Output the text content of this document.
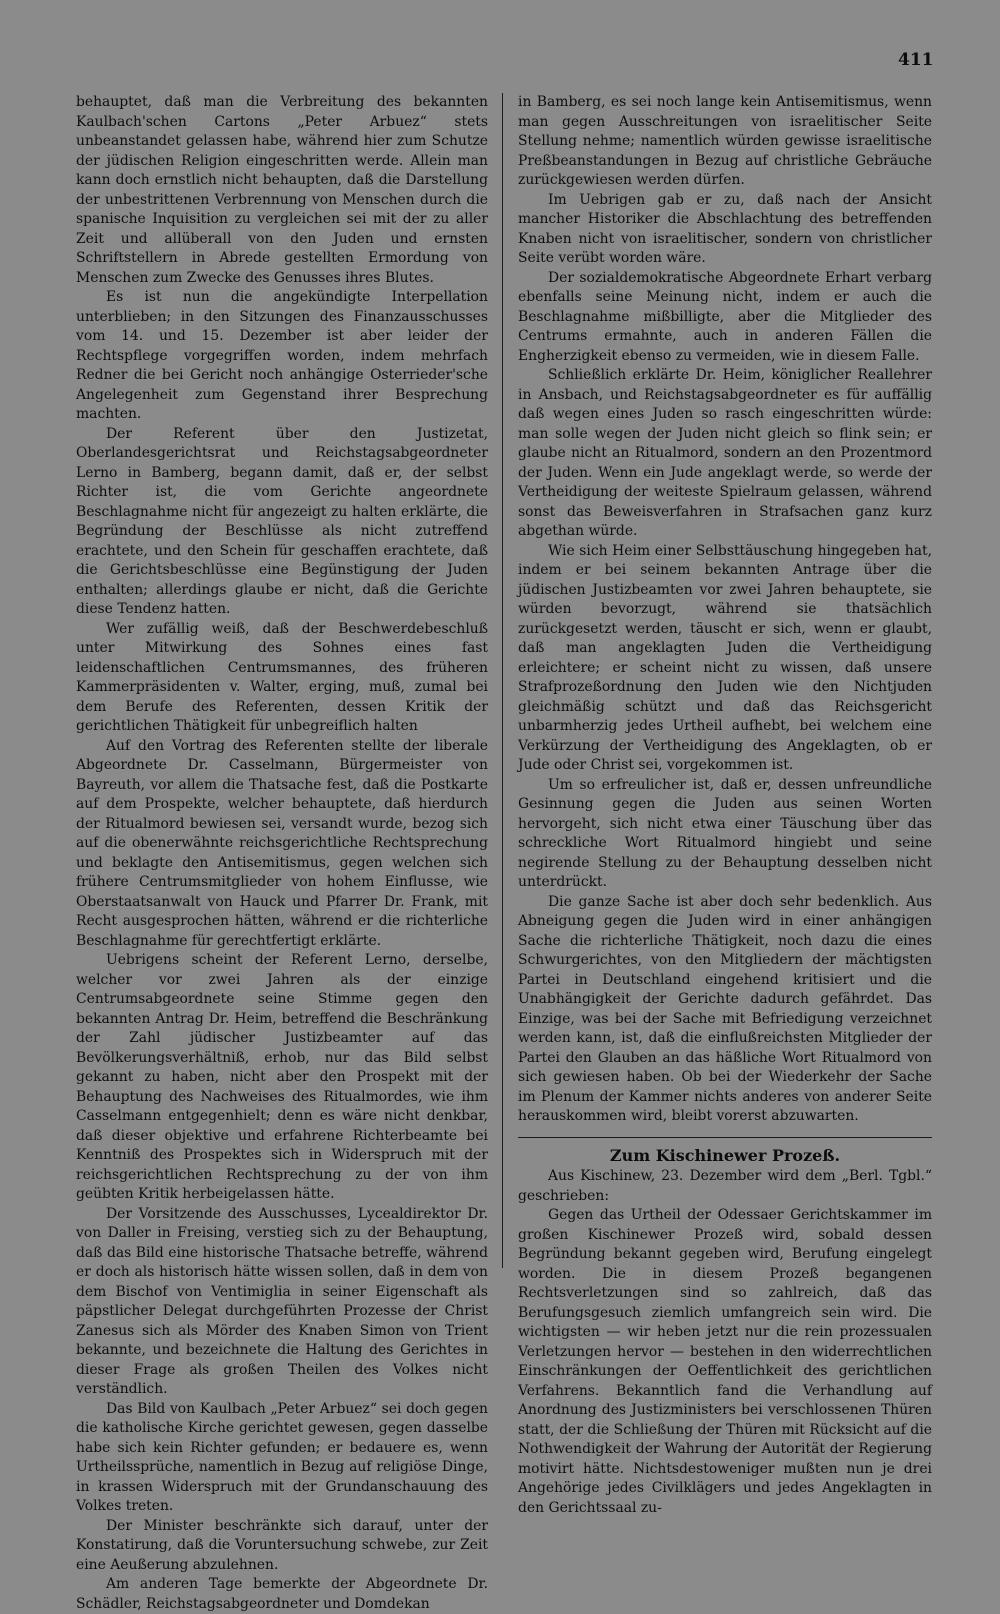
411

behauptet, daß man die Verbreitung des bekannten Kaulbach'schen Cartons „Peter Arbuez“ stets unbeanstandet gelassen habe, während hier zum Schutze der jüdischen Religion eingeschritten werde. Allein man kann doch ernstlich nicht behaupten, daß die Darstellung der unbestrittenen Verbrennung von Menschen durch die spanische Inquisition zu vergleichen sei mit der zu aller Zeit und allüberall von den Juden und ernsten Schriftstellern in Abrede gestellten Ermordung von Menschen zum Zwecke des Genusses ihres Blutes.

Es ist nun die angekündigte Interpellation unterblieben; in den Sitzungen des Finanzausschusses vom 14. und 15. Dezember ist aber leider der Rechtspflege vorgegriffen worden, indem mehrfach Redner die bei Gericht noch anhängige Osterrieder'sche Angelegenheit zum Gegenstand ihrer Besprechung machten.

Der Referent über den Justizetat, Oberlandesgerichtsrat und Reichstagsabgeordneter Lerno in Bamberg, begann damit, daß er, der selbst Richter ist, die vom Gerichte angeordnete Beschlagnahme nicht für angezeigt zu halten erklärte, die Begründung der Beschlüsse als nicht zutreffend erachtete, und den Schein für geschaffen erachtete, daß die Gerichtsbeschlüsse eine Begünstigung der Juden enthalten; allerdings glaube er nicht, daß die Gerichte diese Tendenz hatten.

Wer zufällig weiß, daß der Beschwerdebeschluß unter Mitwirkung des Sohnes eines fast leidenschaftlichen Centrumsmannes, des früheren Kammerpräsidenten v. Walter, erging, muß, zumal bei dem Berufe des Referenten, dessen Kritik der gerichtlichen Thätigkeit für unbegreiflich halten

Auf den Vortrag des Referenten stellte der liberale Abgeordnete Dr. Casselmann, Bürgermeister von Bayreuth, vor allem die Thatsache fest, daß die Postkarte auf dem Prospekte, welcher behauptete, daß hierdurch der Ritualmord bewiesen sei, versandt wurde, bezog sich auf die obenerwähnte reichsgerichtliche Rechtsprechung und beklagte den Antisemitismus, gegen welchen sich frühere Centrumsmitglieder von hohem Einflusse, wie Oberstaatsanwalt von Hauck und Pfarrer Dr. Frank, mit Recht ausgesprochen hätten, während er die richterliche Beschlagnahme für gerechtfertigt erklärte.

Uebrigens scheint der Referent Lerno, derselbe, welcher vor zwei Jahren als der einzige Centrumsabgeordnete seine Stimme gegen den bekannten Antrag Dr. Heim, betreffend die Beschränkung der Zahl jüdischer Justizbeamter auf das Bevölkerungsverhältniß, erhob, nur das Bild selbst gekannt zu haben, nicht aber den Prospekt mit der Behauptung des Nachweises des Ritualmordes, wie ihm Casselmann entgegenhielt; denn es wäre nicht denkbar, daß dieser objektive und erfahrene Richterbeamte bei Kenntniß des Prospektes sich in Widerspruch mit der reichsgerichtlichen Rechtsprechung zu der von ihm geübten Kritik herbeigelassen hätte.

Der Vorsitzende des Ausschusses, Lycealdirektor Dr. von Daller in Freising, verstieg sich zu der Behauptung, daß das Bild eine historische Thatsache betreffe, während er doch als historisch hätte wissen sollen, daß in dem von dem Bischof von Ventimiglia in seiner Eigenschaft als päpstlicher Delegat durchgeführten Prozesse der Christ Zanesus sich als Mörder des Knaben Simon von Trient bekannte, und bezeichnete die Haltung des Gerichtes in dieser Frage als großen Theilen des Volkes nicht verständlich.

Das Bild von Kaulbach „Peter Arbuez“ sei doch gegen die katholische Kirche gerichtet gewesen, gegen dasselbe habe sich kein Richter gefunden; er bedauere es, wenn Urtheilssprüche, namentlich in Bezug auf religiöse Dinge, in krassen Widerspruch mit der Grundanschauung des Volkes treten.

Der Minister beschränkte sich darauf, unter der Konstatirung, daß die Voruntersuchung schwebe, zur Zeit eine Aeußerung abzulehnen.

Am anderen Tage bemerkte der Abgeordnete Dr. Schädler, Reichstagsabgeordneter und Domdekan

in Bamberg, es sei noch lange kein Antisemitismus, wenn man gegen Ausschreitungen von israelitischer Seite Stellung nehme; namentlich würden gewisse israelitische Preßbeanstandungen in Bezug auf christliche Gebräuche zurückgewiesen werden dürfen.

Im Uebrigen gab er zu, daß nach der Ansicht mancher Historiker die Abschlachtung des betreffenden Knaben nicht von israelitischer, sondern von christlicher Seite verübt worden wäre.

Der sozialdemokratische Abgeordnete Erhart verbarg ebenfalls seine Meinung nicht, indem er auch die Beschlagnahme mißbilligte, aber die Mitglieder des Centrums ermahnte, auch in anderen Fällen die Engherzigkeit ebenso zu vermeiden, wie in diesem Falle.

Schließlich erklärte Dr. Heim, königlicher Reallehrer in Ansbach, und Reichstagsabgeordneter es für auffällig daß wegen eines Juden so rasch eingeschritten würde: man solle wegen der Juden nicht gleich so flink sein; er glaube nicht an Ritualmord, sondern an den Prozentmord der Juden. Wenn ein Jude angeklagt werde, so werde der Vertheidigung der weiteste Spielraum gelassen, während sonst das Beweisverfahren in Strafsachen ganz kurz abgethan würde.

Wie sich Heim einer Selbsttäuschung hingegeben hat, indem er bei seinem bekannten Antrage über die jüdischen Justizbeamten vor zwei Jahren behauptete, sie würden bevorzugt, während sie thatsächlich zurückgesetzt werden, täuscht er sich, wenn er glaubt, daß man angeklagten Juden die Vertheidigung erleichtere; er scheint nicht zu wissen, daß unsere Strafprozeßordnung den Juden wie den Nichtjuden gleichmäßig schützt und daß das Reichsgericht unbarmherzig jedes Urtheil aufhebt, bei welchem eine Verkürzung der Vertheidigung des Angeklagten, ob er Jude oder Christ sei, vorgekommen ist.

Um so erfreulicher ist, daß er, dessen unfreundliche Gesinnung gegen die Juden aus seinen Worten hervorgeht, sich nicht etwa einer Täuschung über das schreckliche Wort Ritualmord hingiebt und seine negirende Stellung zu der Behauptung desselben nicht unterdrückt.

Die ganze Sache ist aber doch sehr bedenklich. Aus Abneigung gegen die Juden wird in einer anhängigen Sache die richterliche Thätigkeit, noch dazu die eines Schwurgerichtes, von den Mitgliedern der mächtigsten Partei in Deutschland eingehend kritisiert und die Unabhängigkeit der Gerichte dadurch gefährdet. Das Einzige, was bei der Sache mit Befriedigung verzeichnet werden kann, ist, daß die einflußreichsten Mitglieder der Partei den Glauben an das häßliche Wort Ritualmord von sich gewiesen haben. Ob bei der Wiederkehr der Sache im Plenum der Kammer nichts anderes von anderer Seite herauskommen wird, bleibt vorerst abzuwarten.

Zum Kischinewer Prozeß.

Aus Kischinew, 23. Dezember wird dem „Berl. Tgbl.“ geschrieben:

Gegen das Urtheil der Odessaer Gerichtskammer im großen Kischinewer Prozeß wird, sobald dessen Begründung bekannt gegeben wird, Berufung eingelegt worden. Die in diesem Prozeß begangenen Rechtsverletzungen sind so zahlreich, daß das Berufungsgesuch ziemlich umfangreich sein wird. Die wichtigsten — wir heben jetzt nur die rein prozessualen Verletzungen hervor — bestehen in den widerrechtlichen Einschränkungen der Oeffentlichkeit des gerichtlichen Verfahrens. Bekanntlich fand die Verhandlung auf Anordnung des Justizministers bei verschlossenen Thüren statt, der die Schließung der Thüren mit Rücksicht auf die Nothwendigkeit der Wahrung der Autorität der Regierung motivirt hätte. Nichtsdestoweniger mußten nun je drei Angehörige jedes Civilklägers und jedes Angeklagten in den Gerichtssaal zu-
